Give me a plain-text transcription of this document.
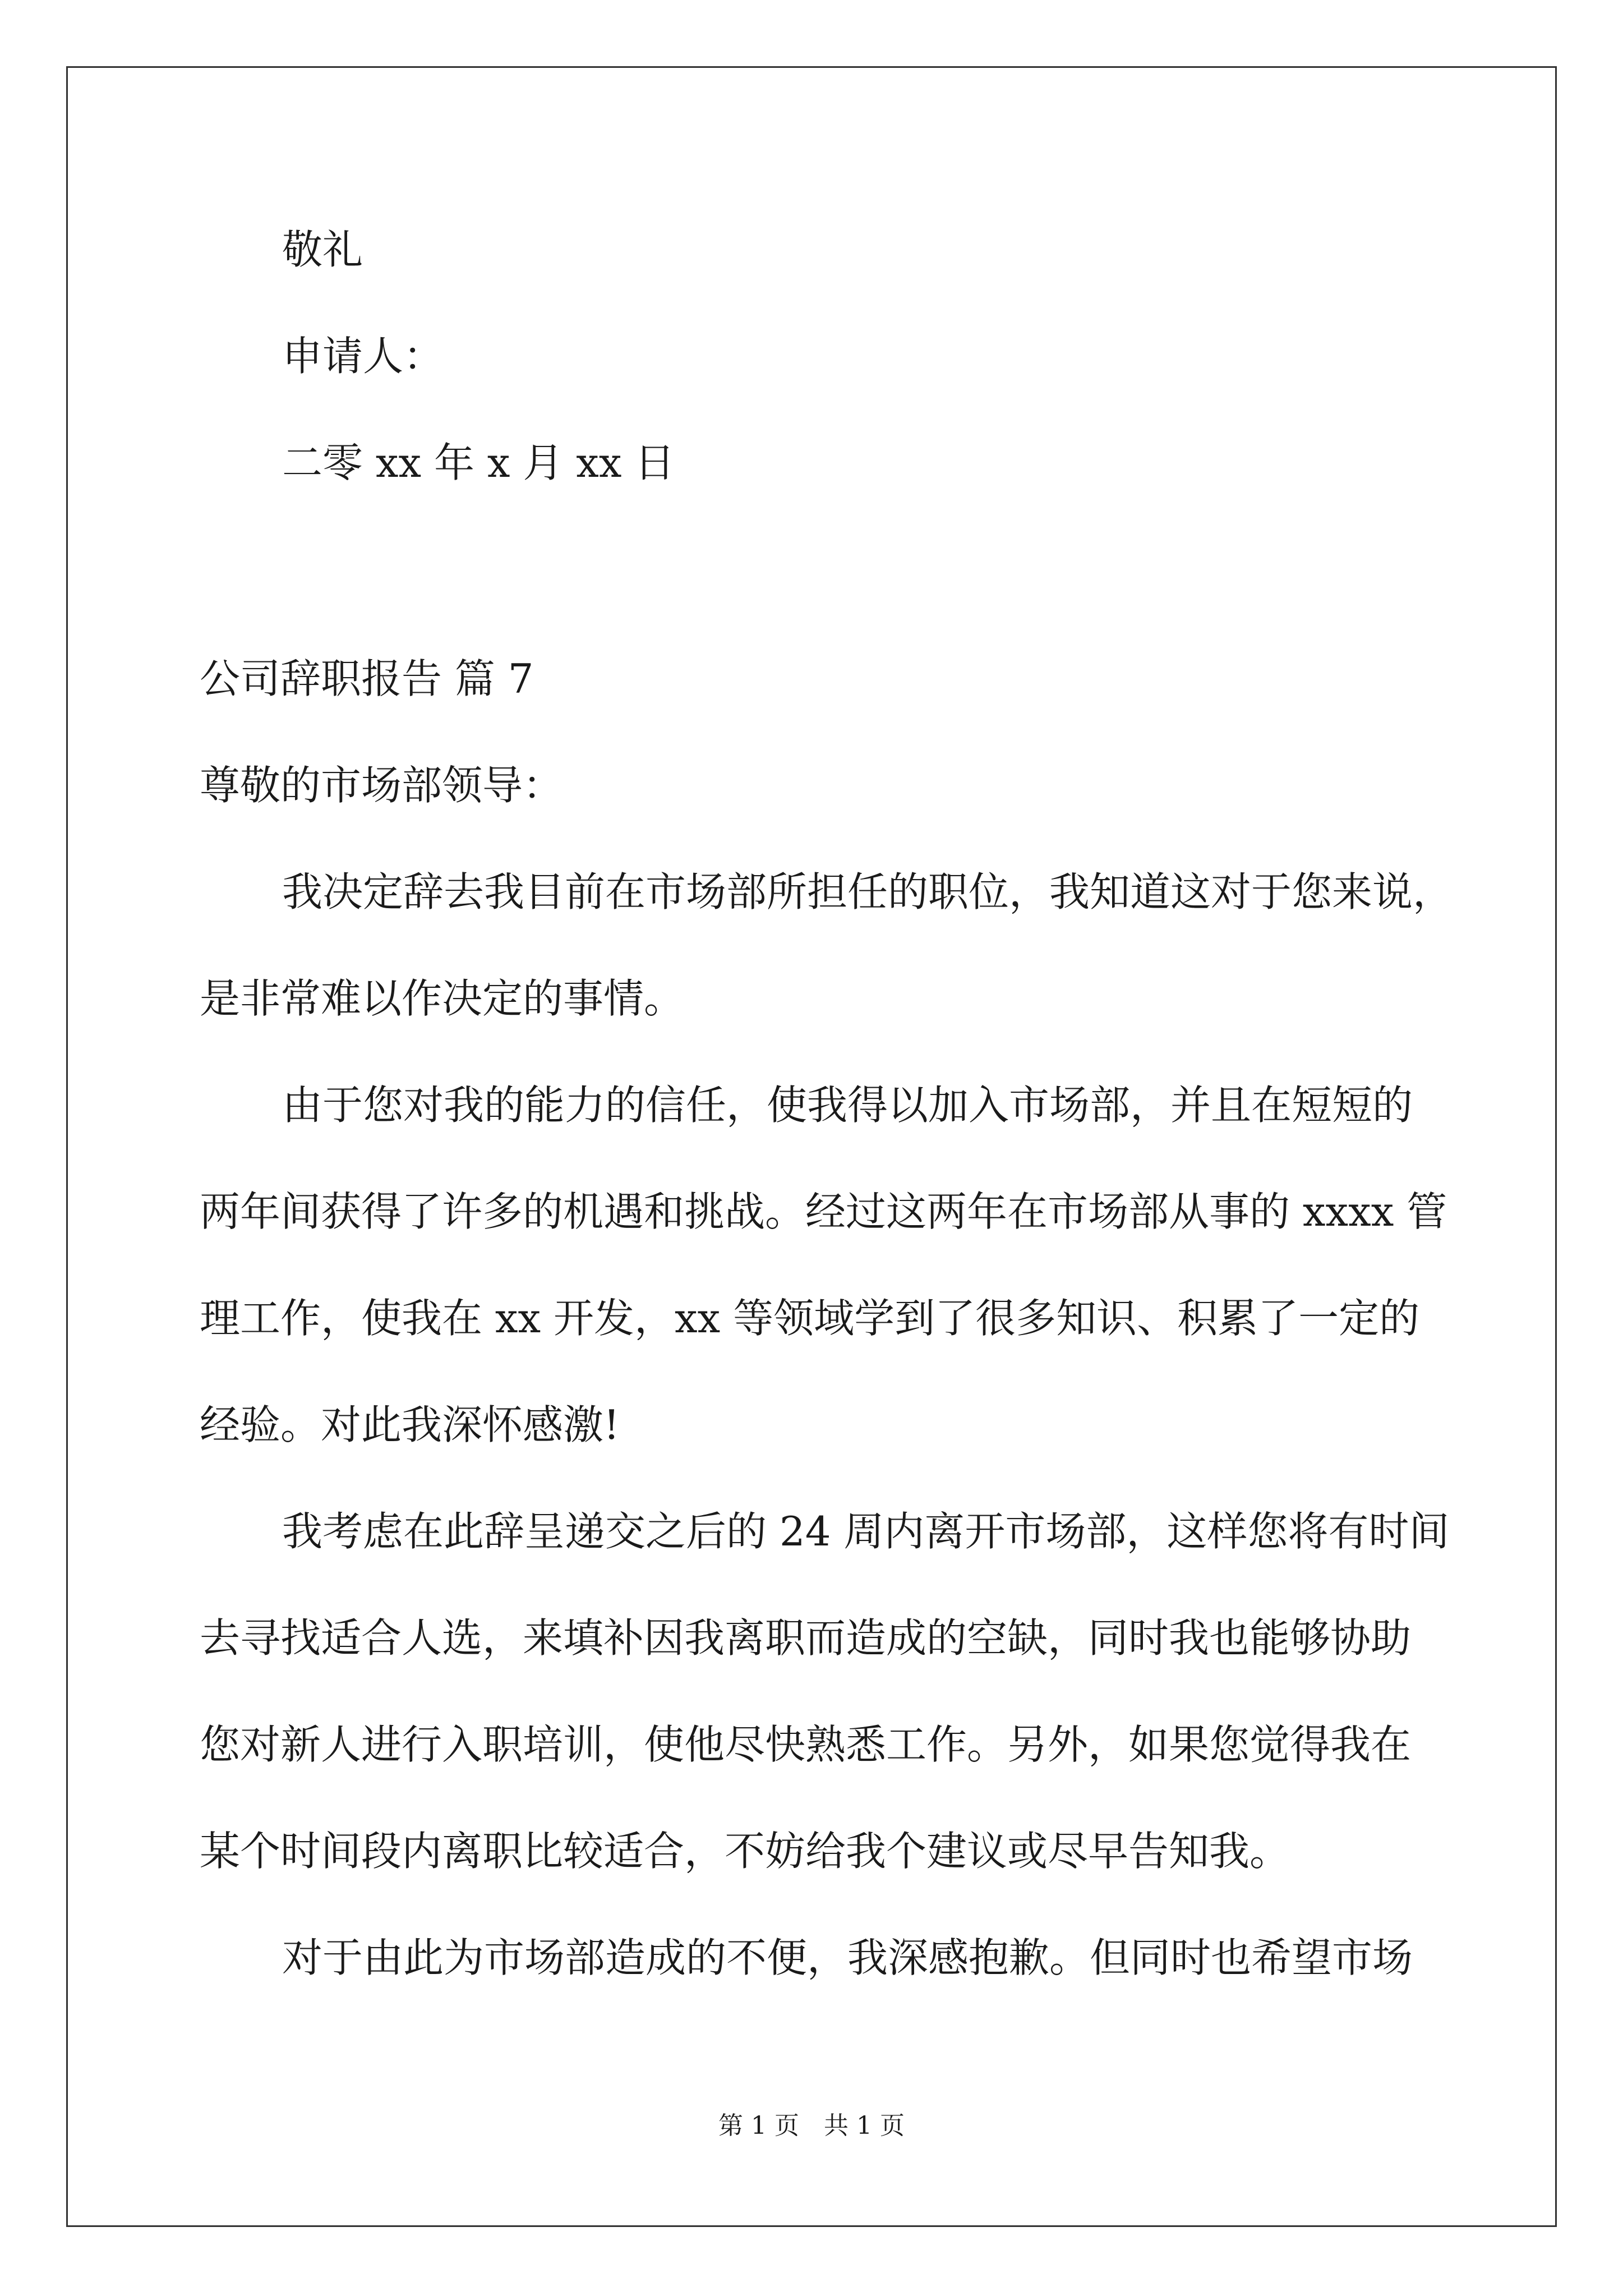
敬礼

申请人：

二零 xx 年 x 月 xx 日

公司辞职报告 篇 7

尊敬的市场部领导：

我决定辞去我目前在市场部所担任的职位，我知道这对于您来说，

是非常难以作决定的事情。

由于您对我的能力的信任，使我得以加入市场部，并且在短短的

两年间获得了许多的机遇和挑战。经过这两年在市场部从事的 xxxx 管

理工作，使我在 xx 开发，xx 等领域学到了很多知识、积累了一定的

经验。对此我深怀感激!

我考虑在此辞呈递交之后的 24 周内离开市场部，这样您将有时间

去寻找适合人选，来填补因我离职而造成的空缺，同时我也能够协助

您对新人进行入职培训，使他尽快熟悉工作。另外，如果您觉得我在

某个时间段内离职比较适合，不妨给我个建议或尽早告知我。

对于由此为市场部造成的不便，我深感抱歉。但同时也希望市场

第 1 页　共 1 页
